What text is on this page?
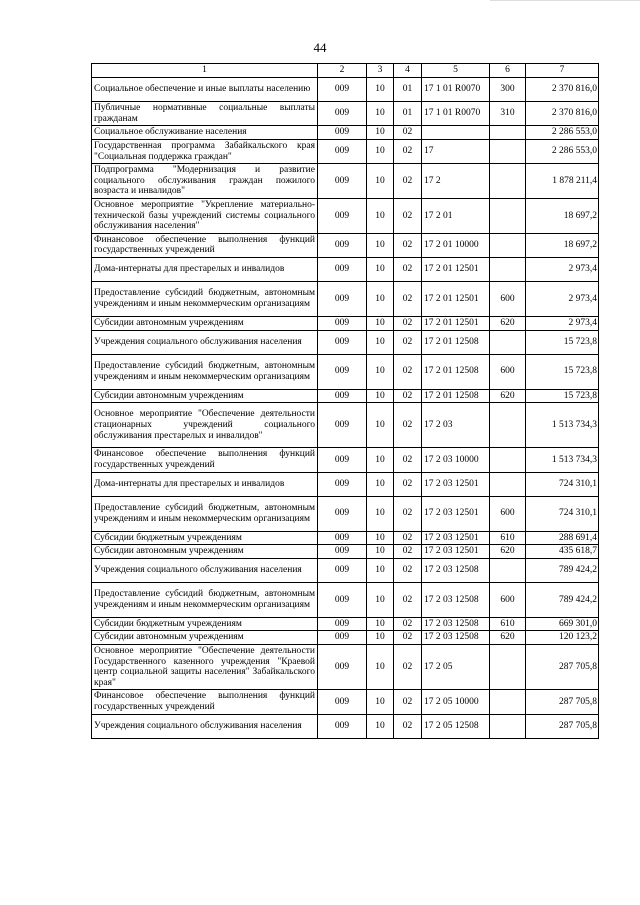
44
1	2	3	4	5	6	7
Социальное обеспечение и иные выплаты населению	009	10	01	17 1 01 R0070	300	2 370 816,0
Публичные нормативные социальные выплаты гражданам	009	10	01	17 1 01 R0070	310	2 370 816,0
Социальное обслуживание населения	009	10	02			2 286 553,0
Государственная программа Забайкальского края "Социальная поддержка граждан"	009	10	02	17		2 286 553,0
Подпрограмма "Модернизация и развитие социального обслуживания граждан пожилого возраста и инвалидов"	009	10	02	17 2		1 878 211,4
Основное мероприятие "Укрепление материально-технической базы учреждений системы социального обслуживания населения"	009	10	02	17 2 01		18 697,2
Финансовое обеспечение выполнения функций государственных учреждений	009	10	02	17 2 01 10000		18 697,2
Дома-интернаты для престарелых и инвалидов	009	10	02	17 2 01 12501		2 973,4
Предоставление субсидий бюджетным, автономным учреждениям и иным некоммерческим организациям	009	10	02	17 2 01 12501	600	2 973,4
Субсидии автономным учреждениям	009	10	02	17 2 01 12501	620	2 973,4
Учреждения социального обслуживания населения	009	10	02	17 2 01 12508		15 723,8
Предоставление субсидий бюджетным, автономным учреждениям и иным некоммерческим организациям	009	10	02	17 2 01 12508	600	15 723,8
Субсидии автономным учреждениям	009	10	02	17 2 01 12508	620	15 723,8
Основное мероприятие "Обеспечение деятельности стационарных учреждений социального обслуживания престарелых и инвалидов"	009	10	02	17 2 03		1 513 734,3
Финансовое обеспечение выполнения функций государственных учреждений	009	10	02	17 2 03 10000		1 513 734,3
Дома-интернаты для престарелых и инвалидов	009	10	02	17 2 03 12501		724 310,1
Предоставление субсидий бюджетным, автономным учреждениям и иным некоммерческим организациям	009	10	02	17 2 03 12501	600	724 310,1
Субсидии бюджетным учреждениям	009	10	02	17 2 03 12501	610	288 691,4
Субсидии автономным учреждениям	009	10	02	17 2 03 12501	620	435 618,7
Учреждения социального обслуживания населения	009	10	02	17 2 03 12508		789 424,2
Предоставление субсидий бюджетным, автономным учреждениям и иным некоммерческим организациям	009	10	02	17 2 03 12508	600	789 424,2
Субсидии бюджетным учреждениям	009	10	02	17 2 03 12508	610	669 301,0
Субсидии автономным учреждениям	009	10	02	17 2 03 12508	620	120 123,2
Основное мероприятие "Обеспечение деятельности Государственного казенного учреждения "Краевой центр социальной защиты населения" Забайкальского края"	009	10	02	17 2 05		287 705,8
Финансовое обеспечение выполнения функций государственных учреждений	009	10	02	17 2 05 10000		287 705,8
Учреждения социального обслуживания населения	009	10	02	17 2 05 12508		287 705,8
